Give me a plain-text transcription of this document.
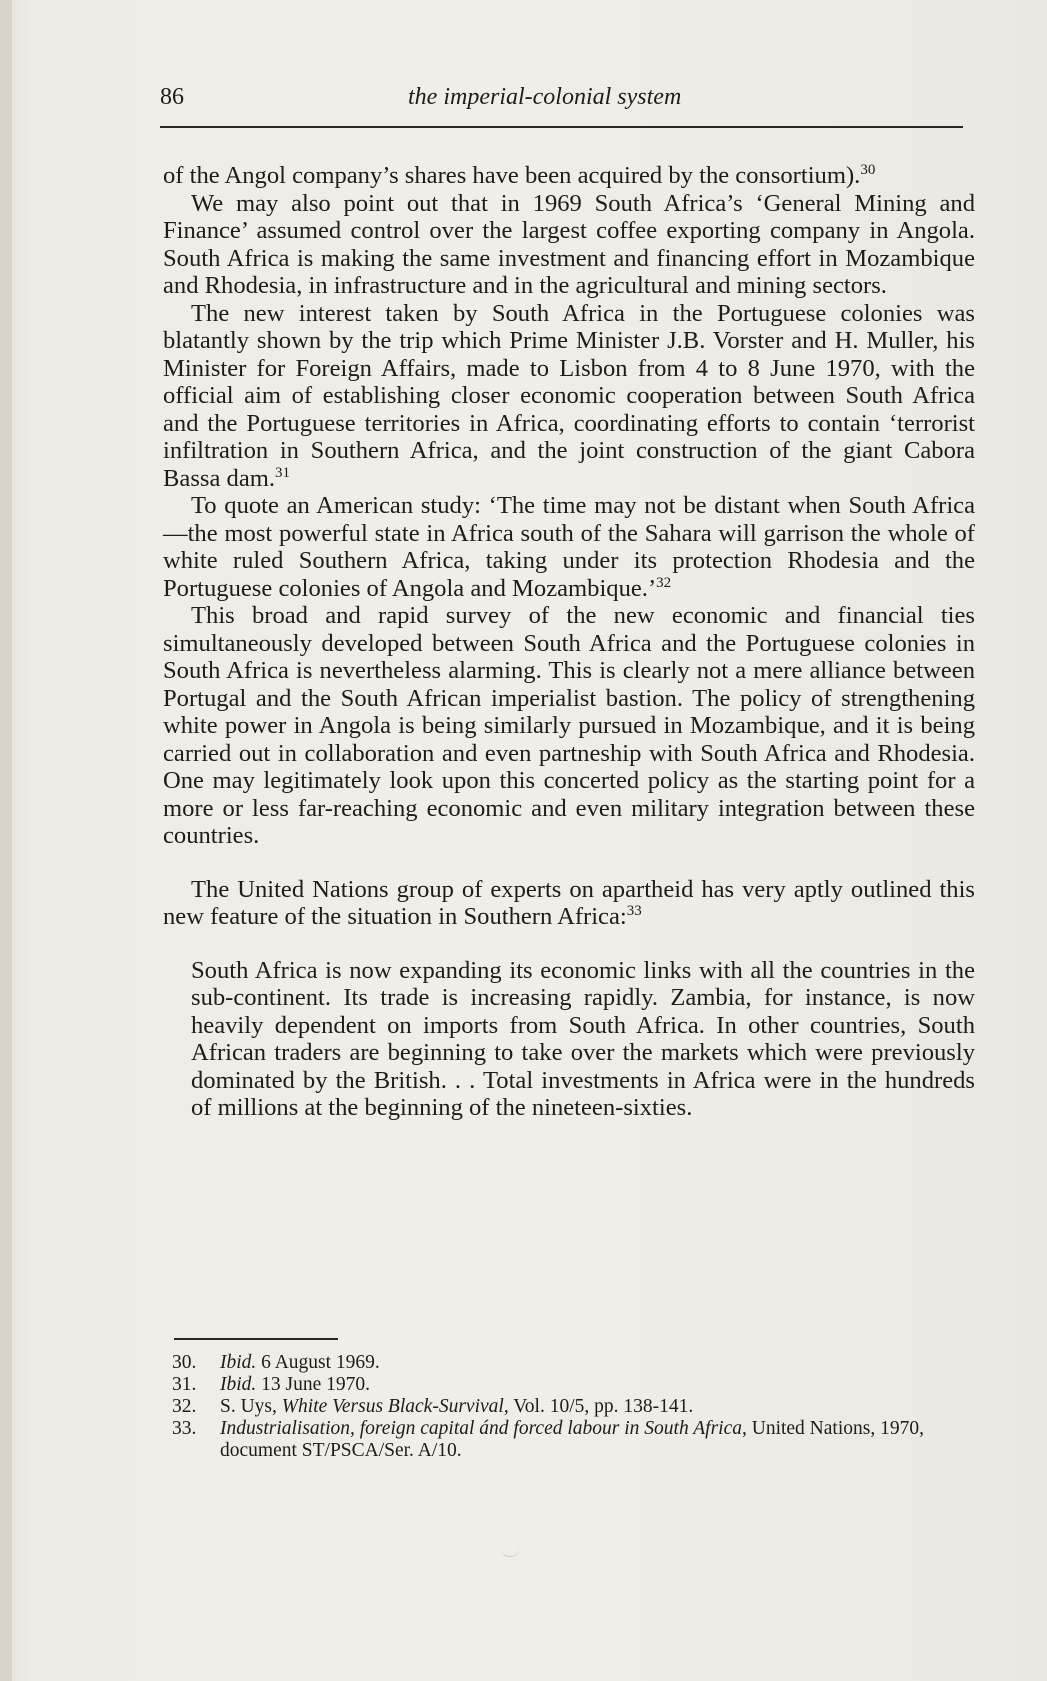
86	the imperial-colonial system

of the Angol company’s shares have been acquired by the consortium).$^{30}$

We may also point out that in 1969 South Africa’s ‘General Mining and Finance’ assumed control over the largest coffee exporting company in Angola. South Africa is making the same investment and financing effort in Mozambique and Rhodesia, in infrastructure and in the agricultural and mining sectors.

The new interest taken by South Africa in the Portuguese colonies was blatantly shown by the trip which Prime Minister J.B. Vorster and H. Muller, his Minister for Foreign Affairs, made to Lisbon from 4 to 8 June 1970, with the official aim of establishing closer economic cooperation between South Africa and the Portuguese territories in Africa, coordinating efforts to contain ‘terrorist infiltration in Southern Africa, and the joint construction of the giant Cabora Bassa dam.$^{31}$

To quote an American study: ‘The time may not be distant when South Africa—the most powerful state in Africa south of the Sahara will garrison the whole of white ruled Southern Africa, taking under its protection Rhodesia and the Portuguese colonies of Angola and Mozambique.’$^{32}$

This broad and rapid survey of the new economic and financial ties simultaneously developed between South Africa and the Portuguese colonies in South Africa is nevertheless alarming. This is clearly not a mere alliance between Portugal and the South African imperialist bastion. The policy of strengthening white power in Angola is being similarly pursued in Mozambique, and it is being carried out in collaboration and even partneship with South Africa and Rhodesia. One may legitimately look upon this concerted policy as the starting point for a more or less far-reaching economic and even military integration between these countries.

The United Nations group of experts on apartheid has very aptly outlined this new feature of the situation in Southern Africa:$^{33}$

South Africa is now expanding its economic links with all the countries in the sub-continent. Its trade is increasing rapidly. Zambia, for instance, is now heavily dependent on imports from South Africa. In other countries, South African traders are beginning to take over the markets which were previously dominated by the British. . . Total investments in Africa were in the hundreds of millions at the beginning of the nineteen-sixties.
30. Ibid. 6 August 1969.
31. Ibid. 13 June 1970.
32. S. Uys, White Versus Black-Survival, Vol. 10/5, pp. 138-141.
33. Industrialisation, foreign capital ánd forced labour in South Africa, United Nations, 1970, document ST/PSCA/Ser. A/10.
